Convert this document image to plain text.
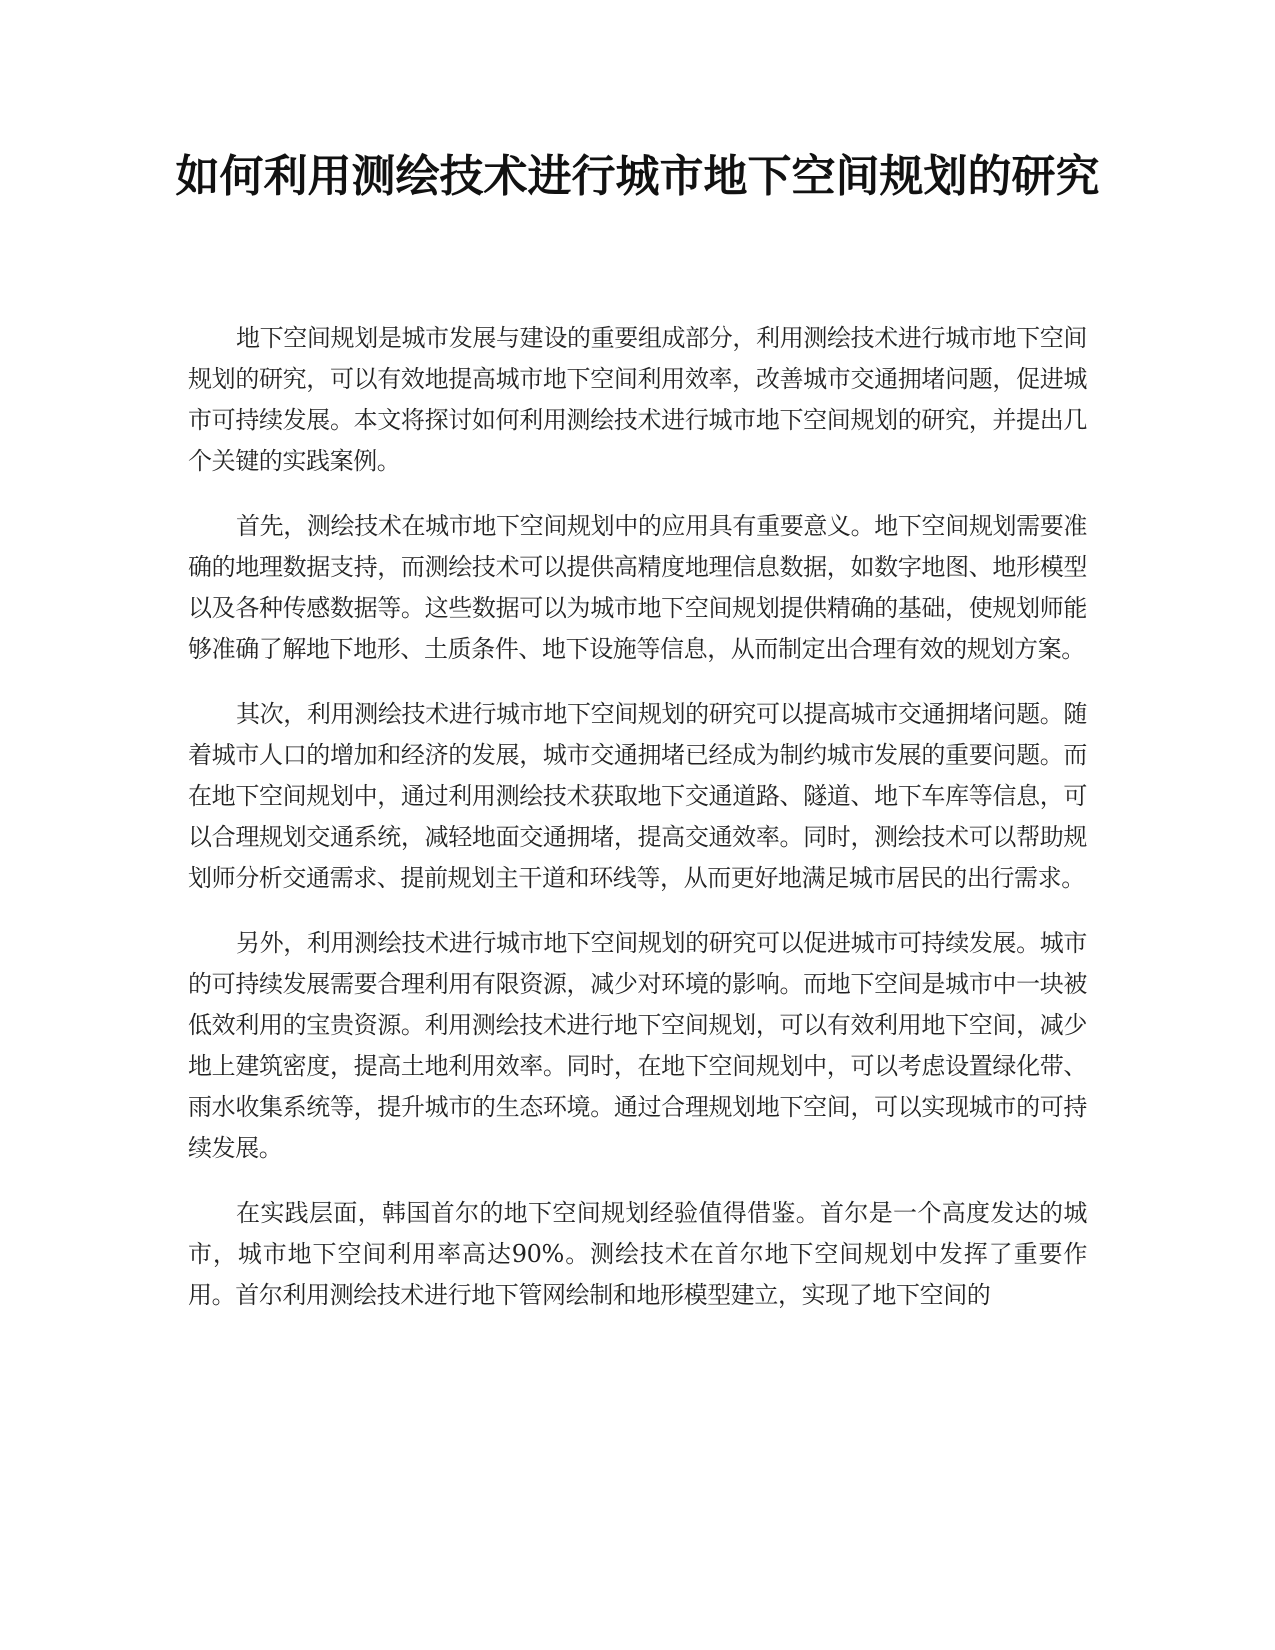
如何利用测绘技术进行城市地下空间规划的研究

地下空间规划是城市发展与建设的重要组成部分，利用测绘技术进行城市地下空间规划的研究，可以有效地提高城市地下空间利用效率，改善城市交通拥堵问题，促进城市可持续发展。本文将探讨如何利用测绘技术进行城市地下空间规划的研究，并提出几个关键的实践案例。

首先，测绘技术在城市地下空间规划中的应用具有重要意义。地下空间规划需要准确的地理数据支持，而测绘技术可以提供高精度地理信息数据，如数字地图、地形模型以及各种传感数据等。这些数据可以为城市地下空间规划提供精确的基础，使规划师能够准确了解地下地形、土质条件、地下设施等信息，从而制定出合理有效的规划方案。

其次，利用测绘技术进行城市地下空间规划的研究可以提高城市交通拥堵问题。随着城市人口的增加和经济的发展，城市交通拥堵已经成为制约城市发展的重要问题。而在地下空间规划中，通过利用测绘技术获取地下交通道路、隧道、地下车库等信息，可以合理规划交通系统，减轻地面交通拥堵，提高交通效率。同时，测绘技术可以帮助规划师分析交通需求、提前规划主干道和环线等，从而更好地满足城市居民的出行需求。

另外，利用测绘技术进行城市地下空间规划的研究可以促进城市可持续发展。城市的可持续发展需要合理利用有限资源，减少对环境的影响。而地下空间是城市中一块被低效利用的宝贵资源。利用测绘技术进行地下空间规划，可以有效利用地下空间，减少地上建筑密度，提高土地利用效率。同时，在地下空间规划中，可以考虑设置绿化带、雨水收集系统等，提升城市的生态环境。通过合理规划地下空间，可以实现城市的可持续发展。

在实践层面，韩国首尔的地下空间规划经验值得借鉴。首尔是一个高度发达的城市，城市地下空间利用率高达90%。测绘技术在首尔地下空间规划中发挥了重要作用。首尔利用测绘技术进行地下管网绘制和地形模型建立，实现了地下空间的
